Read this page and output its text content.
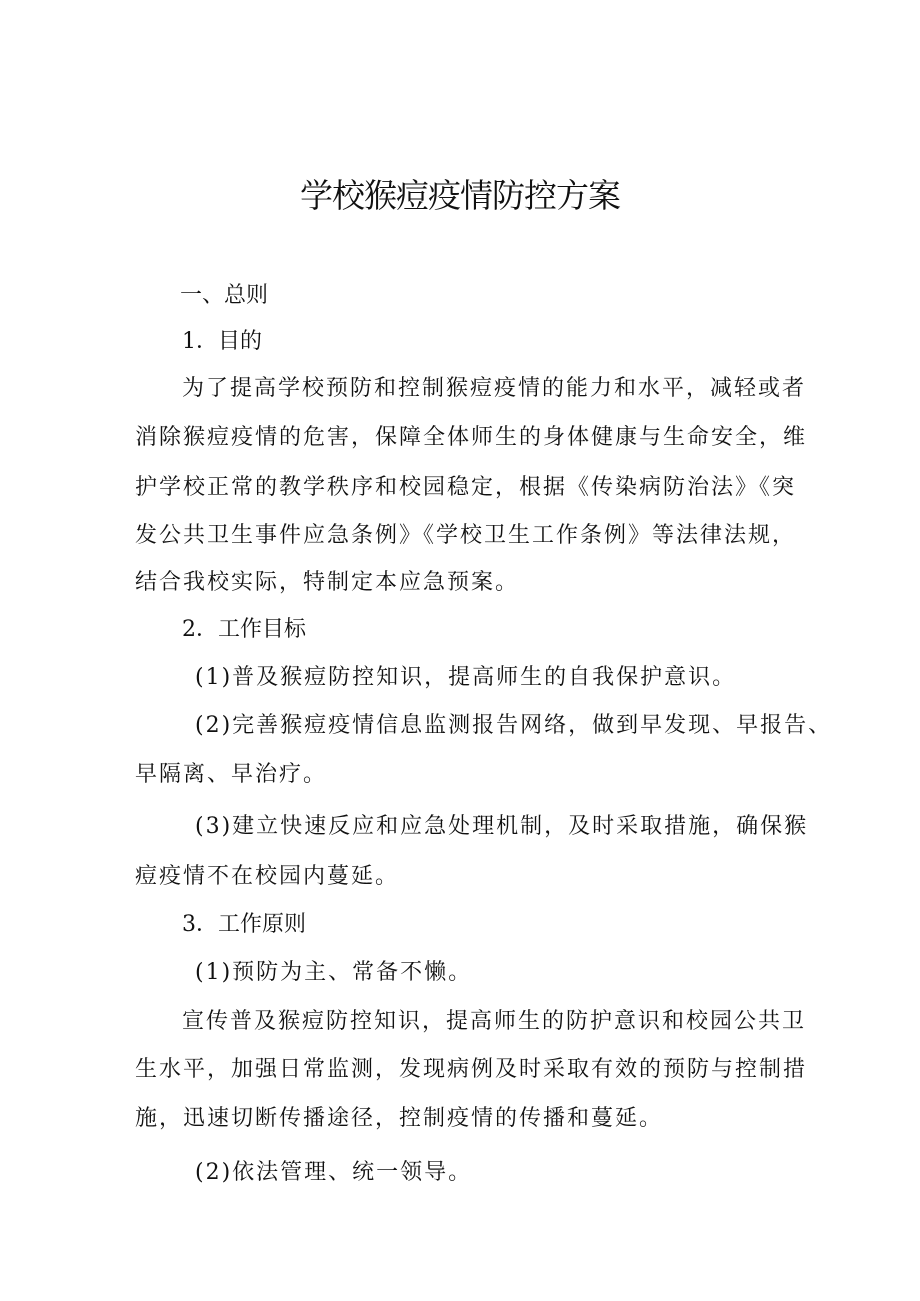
学校猴痘疫情防控方案
一、总则
1．目的
为了提高学校预防和控制猴痘疫情的能力和水平，减轻或者
消除猴痘疫情的危害，保障全体师生的身体健康与生命安全，维
护学校正常的教学秩序和校园稳定，根据《传染病防治法》《突
发公共卫生事件应急条例》《学校卫生工作条例》等法律法规，
结合我校实际，特制定本应急预案。
2．工作目标
(1)普及猴痘防控知识，提高师生的自我保护意识。
(2)完善猴痘疫情信息监测报告网络，做到早发现、早报告、
早隔离、早治疗。
(3)建立快速反应和应急处理机制，及时采取措施，确保猴
痘疫情不在校园内蔓延。
3．工作原则
(1)预防为主、常备不懒。
宣传普及猴痘防控知识，提高师生的防护意识和校园公共卫
生水平，加强日常监测，发现病例及时采取有效的预防与控制措
施，迅速切断传播途径，控制疫情的传播和蔓延。
(2)依法管理、统一领导。
